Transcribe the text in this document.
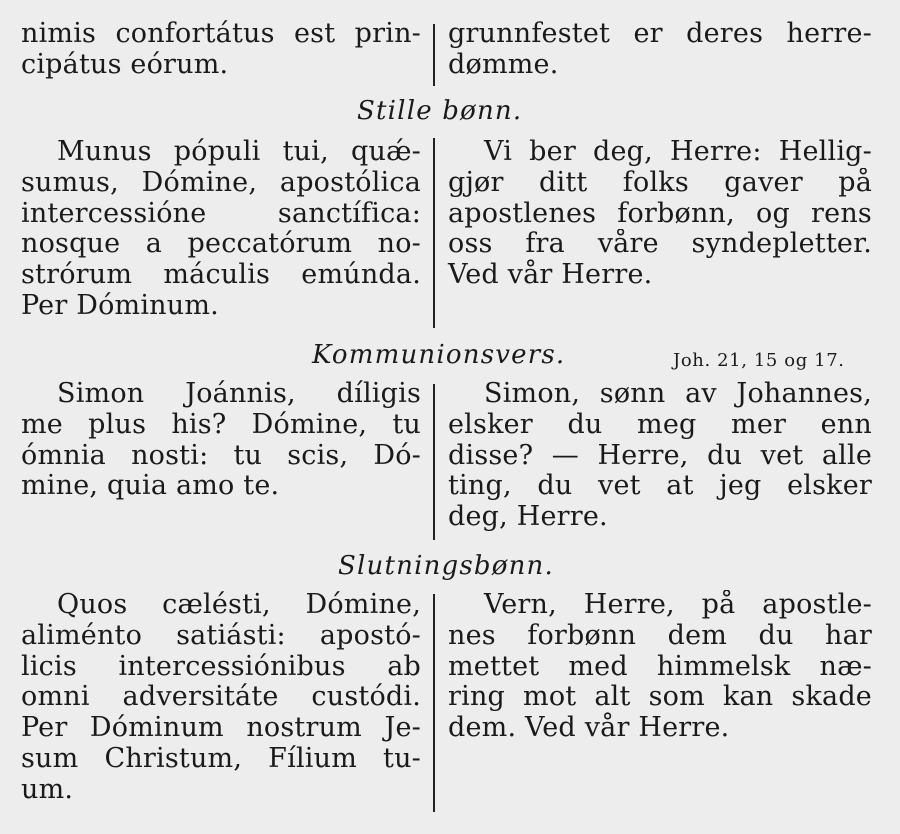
nimis confortátus est prin-
cipátus eórum.
grunnfestet er deres herre-
dømme.
Stille bønn.
Munus pópuli tui, quǽ-
sumus, Dómine, apostólica
intercessióne sanctífica:
nosque a peccatórum no-
strórum máculis emúnda.
Per Dóminum.
Vi ber deg, Herre: Hellig-
gjør ditt folks gaver på
apostlenes forbønn, og rens
oss fra våre syndepletter.
Ved vår Herre.
Kommunionsvers.	Joh. 21, 15 og 17.
Simon Joánnis, díligis
me plus his? Dómine, tu
ómnia nosti: tu scis, Dó-
mine, quia amo te.
Simon, sønn av Johannes,
elsker du meg mer enn
disse? — Herre, du vet alle
ting, du vet at jeg elsker
deg, Herre.
Slutningsbønn.
Quos cælésti, Dómine,
aliménto satiásti: apostó-
licis intercessiónibus ab
omni adversitáte custódi.
Per Dóminum nostrum Je-
sum Christum, Fílium tu-
um.
Vern, Herre, på apostle-
nes forbønn dem du har
mettet med himmelsk næ-
ring mot alt som kan skade
dem. Ved vår Herre.
